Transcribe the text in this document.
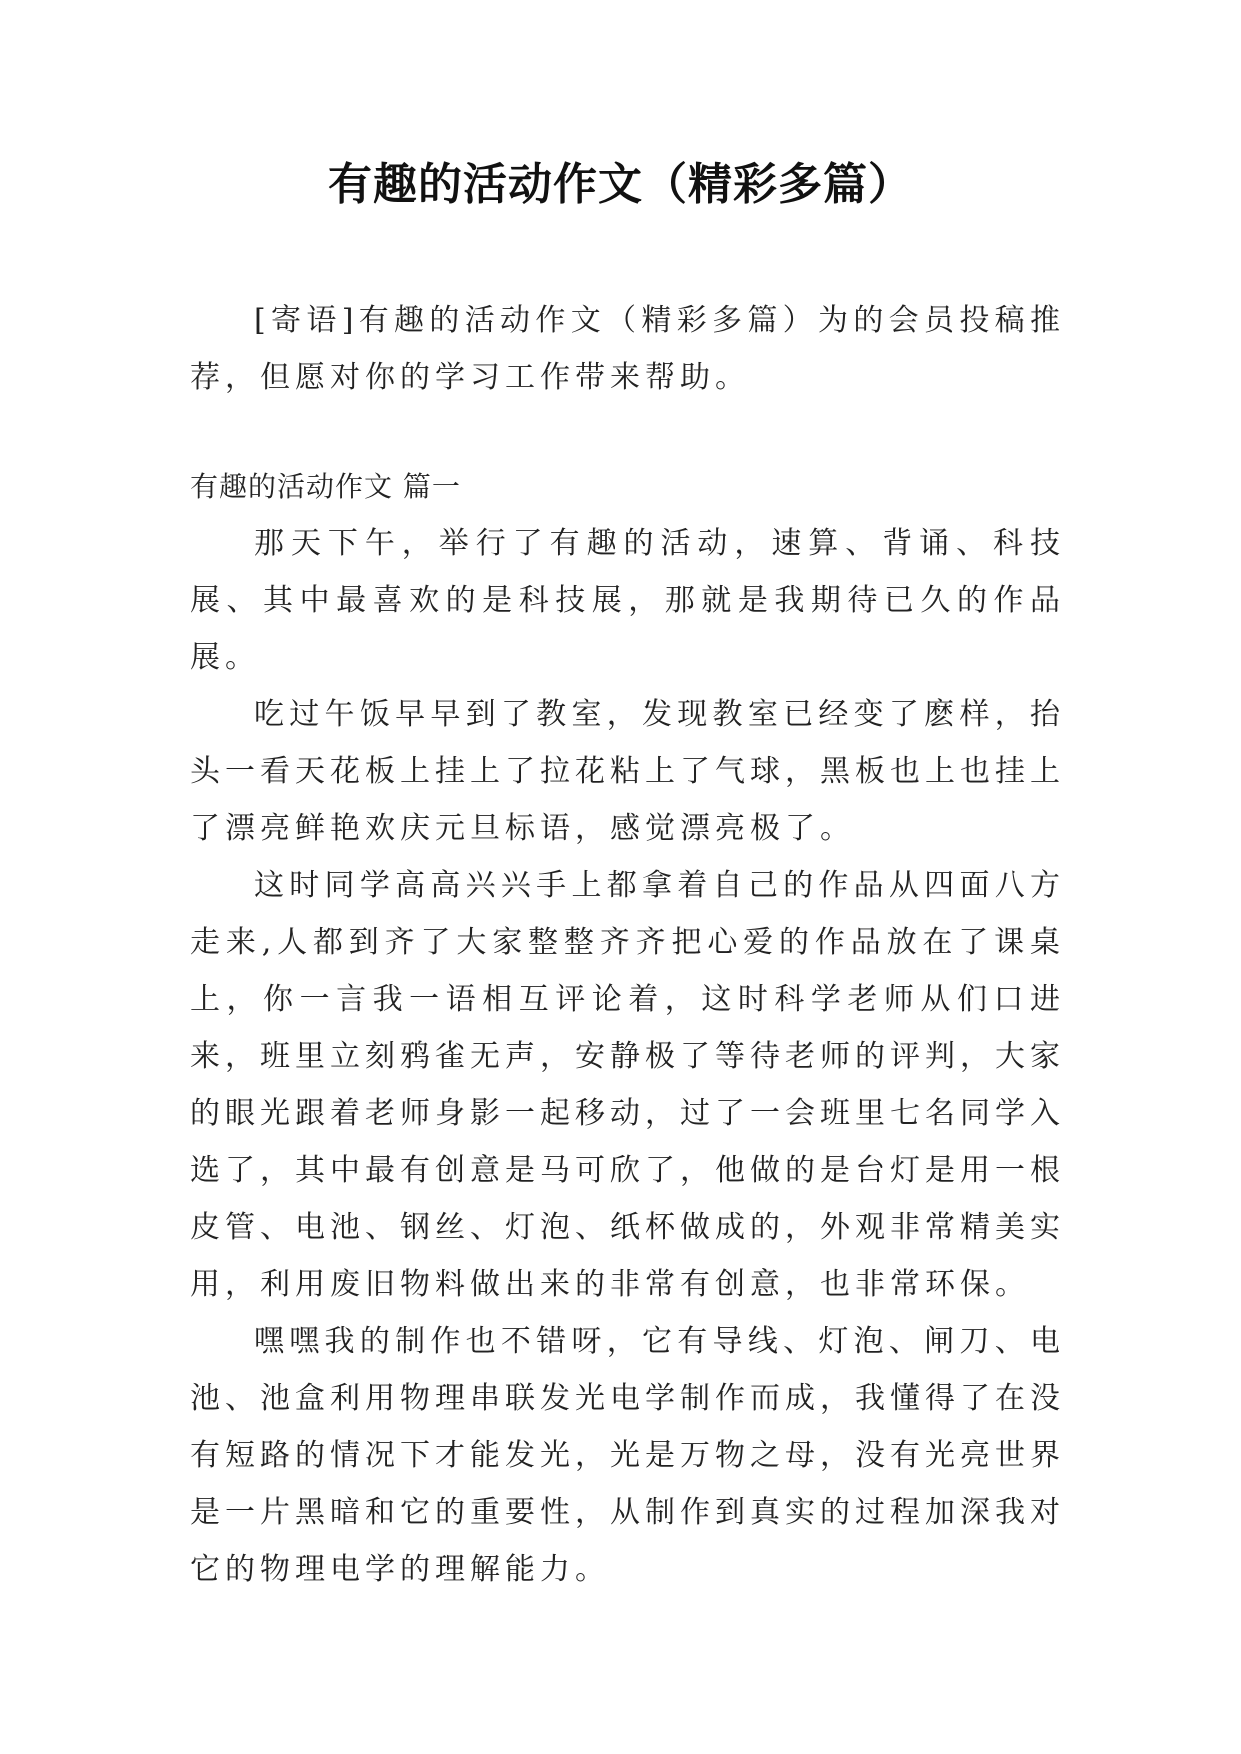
有趣的活动作文（精彩多篇）

[寄语]有趣的活动作文（精彩多篇）为的会员投稿推荐，但愿对你的学习工作带来帮助。

有趣的活动作文 篇一

那天下午，举行了有趣的活动，速算、背诵、科技展、其中最喜欢的是科技展，那就是我期待已久的作品展。

吃过午饭早早到了教室，发现教室已经变了麽样，抬头一看天花板上挂上了拉花粘上了气球，黑板也上也挂上了漂亮鲜艳欢庆元旦标语，感觉漂亮极了。

这时同学高高兴兴手上都拿着自己的作品从四面八方走来,人都到齐了大家整整齐齐把心爱的作品放在了课桌上，你一言我一语相互评论着，这时科学老师从们口进来，班里立刻鸦雀无声，安静极了等待老师的评判，大家的眼光跟着老师身影一起移动，过了一会班里七名同学入选了，其中最有创意是马可欣了，他做的是台灯是用一根皮管、电池、钢丝、灯泡、纸杯做成的，外观非常精美实用，利用废旧物料做出来的非常有创意，也非常环保。

嘿嘿我的制作也不错呀，它有导线、灯泡、闸刀、电池、池盒利用物理串联发光电学制作而成，我懂得了在没有短路的情况下才能发光，光是万物之母，没有光亮世界是一片黑暗和它的重要性，从制作到真实的过程加深我对它的物理电学的理解能力。
